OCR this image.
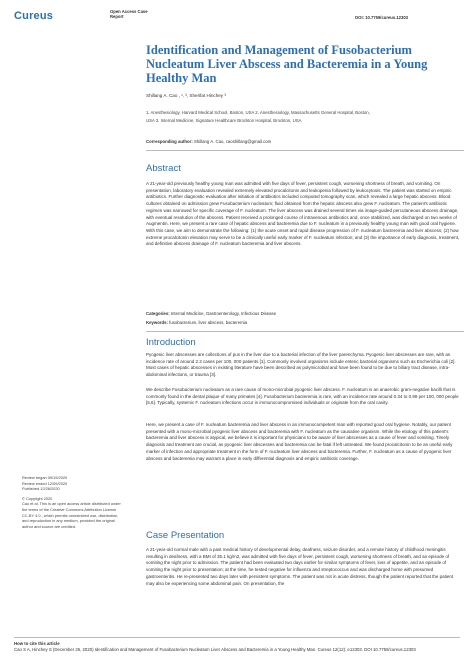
Cureus	Open Access Case
Report	DOI: 10.7759/cureus.12303
Identification and Management of Fusobacterium Nucleatum Liver Abscess and Bacteremia in a Young Healthy Man
Shillang A. Cao , ¹, ², Sherifat Hinchey ³
1. Anesthesiology, Harvard Medical School, Boston, USA 2. Anesthesiology, Massachusetts General Hospital, Boston,
USA 3. Internal Medicine, Signature Healthcare Brockton Hospital, Brockton, USA
Corresponding author: Shillang A. Cao, caoshillang@gmail.com
Abstract

A 21-year-old previously healthy young man was admitted with five days of fever, persistent cough, worsening shortness of breath, and vomiting. On presentation, laboratory evaluation revealed extremely elevated procalcitonin and leukopenia followed by leukocytosis. The patient was started on empiric antibiotics. Further diagnostic evaluation after initiation of antibiotics included computed tomography scan, which revealed a large hepatic abscess. Blood cultures obtained on admission grew Fusobacterium nucleatum; fluid obtained from the hepatic abscess also grew F. nucleatum. The patient's antibiotic regimen was narrowed for specific coverage of F. nucleatum. The liver abscess was drained several times via image-guided percutaneous abscess drainage, with eventual resolution of the abscess. Patient received a prolonged course of intravenous antibiotics and, once stabilized, was discharged on two weeks of Augmentin. Here, we present a rare case of hepatic abscess and bacteremia due to F. nucleatum in a previously healthy young man with good oral hygiene. With this case, we aim to demonstrate the following: (1) the acute onset and rapid disease progression of F. nucleatum bacteremia and liver abscess; (2) how extreme procalcitonin elevation may serve to be a clinically useful early marker of F. nucleatum infection; and (3) the importance of early diagnosis, treatment, and definitive abscess drainage of F. nucleatum bacteremia and liver abscess.

Categories: Internal Medicine, Gastroenterology, Infectious Disease
Keywords: fusobacterium, liver abscess, bacteremia
Introduction

Pyogenic liver abscesses are collections of pus in the liver due to a bacterial infection of the liver parenchyma. Pyogenic liver abscesses are rare, with an incidence rate of around 2.3 cases per 100, 000 patients [1]. Commonly involved organisms include enteric bacterial organisms such as Escherichia coli [2]. Most cases of hepatic abscesses in existing literature have been described as polymicrobial and have been found to be due to biliary tract disease, intra-abdominal infections, or trauma [3].

We describe Fusobacterium nucleatum as a rare cause of mono-microbial pyogenic liver abscess. F. nucleatum is an anaerobic gram-negative bacilli that is commonly found in the dental plaque of many primates [4]. Fusobacterium bacteremia is rare, with an incidence rate around 0.34 to 0.99 per 100, 000 people [5,6]. Typically, systemic F. nucleatum infections occur in immunocompromised individuals or originate from the oral cavity.

Here, we present a case of F. nucleatum bacteremia and liver abscess in an immunocompetent man with reported good oral hygiene. Notably, our patient presented with a mono-microbial pyogenic liver abscess and bacteremia with F. nucleatum as the causative organism. While the etiology of this patient's bacteremia and liver abscess is atypical, we believe it is important for physicians to be aware of liver abscesses as a cause of fever and vomiting. Timely diagnosis and treatment are crucial, as pyogenic liver abscesses and bacteremia can be fatal if left untreated. We found procalcitonin to be an useful early marker of infection and appropriate treatment in the form of F. nucleatum liver abscess and bacteremia. Further, F. nucleatum as a cause of pyogenic liver abscess and bacteremia may warrant a place in early differential diagnosis and empiric antibiotic coverage.

Case Presentation

A 21-year-old normal male with a past medical history of developmental delay, deafness, seizure disorder, and a remote history of childhood meningitis resulting in deafness, with a BMI of 35.1 kg/m2, was admitted with five days of fever, persistent cough, worsening shortness of breath, and an episode of vomiting the night prior to admission. The patient had been evaluated two days earlier for similar symptoms of fever, loss of appetite, and an episode of vomiting the night prior to presentation; at the time, he tested negative for influenza and streptococcus and was discharged home with presumed gastroenteritis. He re-presented two days later with persistent symptoms. The patient was not in acute distress, though the patient reported that the patient may also be experiencing some abdominal pain. On presentation, the

Review began 09/19/2020

Review ended 12/09/2020

Published 12/26/2020

© Copyright 2020

Cao et al. This is an open access article distributed under the terms of the Creative Commons Attribution License CC-BY 4.0., which permits unrestricted use, distribution, and reproduction in any medium, provided the original author and source are credited.

How to cite this article
Cao S A, Hinchey S (December 26, 2020) Identification and Management of Fusobacterium Nucleatum Liver Abscess and Bacteremia in a Young Healthy Man. Cureus 12(12): e12303. DOI 10.7759/cureus.12303
